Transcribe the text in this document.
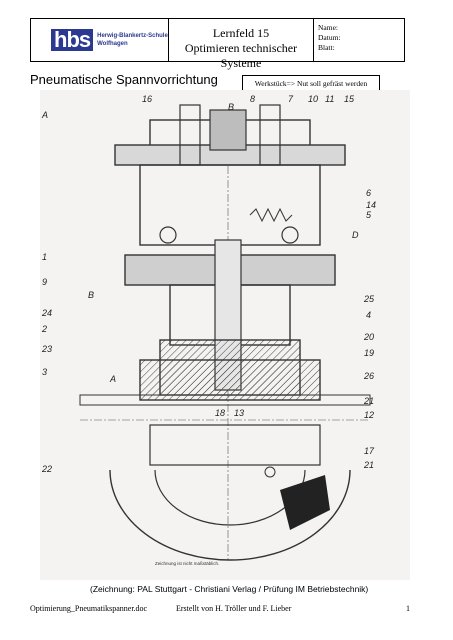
hbs	Herwig-Blankertz-Schule
Wolfhagen
Lernfeld 15
Optimieren technischer Systeme
Name:
Datum:
Blatt:
Pneumatische Spannvorrichtung	Werkstück=> Nut soll gefräst werden
16
B
8	7 10 11 15
A
1
9
B
24
2
23
3
A
22
6
14
5
D
25
4
20
19
26
21
12
17
21
18 13
Zeichnung ist nicht maßstäblich.
(Zeichnung: PAL Stuttgart - Christiani Verlag / Prüfung IM Betriebstechnik)
Optimierung_Pneumatikspanner.doc	Erstellt von H. Tröller und F. Lieber	1
